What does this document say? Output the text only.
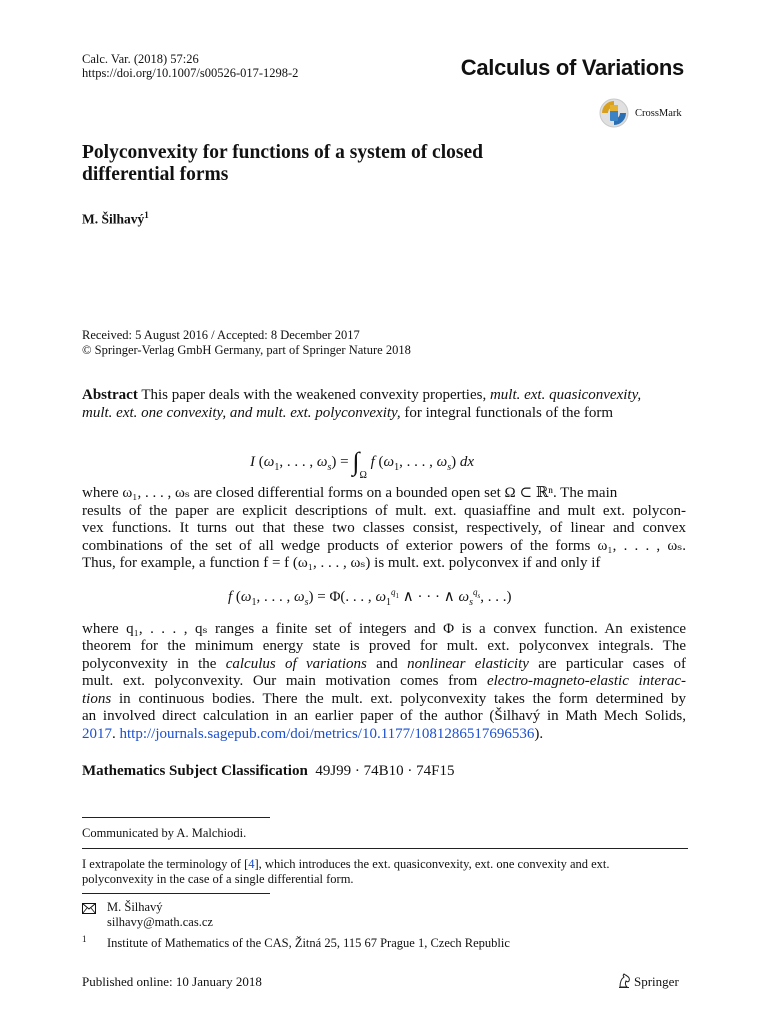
Calc. Var. (2018) 57:26
https://doi.org/10.1007/s00526-017-1298-2	Calculus of Variations
CrossMark
Polyconvexity for functions of a system of closed
differential forms
M. Šilhavý$^1$
Received: 5 August 2016 / Accepted: 8 December 2017
© Springer-Verlag GmbH Germany, part of Springer Nature 2018
Abstract This paper deals with the weakened convexity properties, mult. ext. quasiconvexity,
mult. ext. one convexity, and mult. ext. polyconvexity, for integral functionals of the form
I ($\omega_1$, . . . , $\omega_s) = \int_\Omega$ f ($\omega_1$, . . . , $\omega_s$) dx
where ω₁, . . . , ωₛ are closed differential forms on a bounded open set Ω ⊂ ℝⁿ. The main
results of the paper are explicit descriptions of mult. ext. quasiaffine and mult ext. polycon-
vex functions. It turns out that these two classes consist, respectively, of linear and convex
combinations of the set of all wedge products of exterior powers of the forms ω₁, . . . , ωₛ.
Thus, for example, a function f = f (ω₁, . . . , ωₛ) is mult. ext. polyconvex if and only if
f ($\omega_1$, . . . , $\omega_s) = \Phi$(. . . , $\omega_1^{q_1}$ ∧ · · · ∧ $\omega_s^{q_s}$, . . .)
where q₁, . . . , qₛ ranges a finite set of integers and Φ is a convex function. An existence
theorem for the minimum energy state is proved for mult. ext. polyconvex integrals. The
polyconvexity in the calculus of variations and nonlinear elasticity are particular cases of
mult. ext. polyconvexity. Our main motivation comes from electro-magneto-elastic interac-
tions in continuous bodies. There the mult. ext. polyconvexity takes the form determined by
an involved direct calculation in an earlier paper of the author (Šilhavý in Math Mech Solids,
2017. http://journals.sagepub.com/doi/metrics/10.1177/1081286517696536).
Mathematics Subject Classification 49J99 · 74B10 · 74F15
Communicated by A. Malchiodi.
I extrapolate the terminology of [4], which introduces the ext. quasiconvexity, ext. one convexity and ext.
polyconvexity in the case of a single differential form.
M. Šilhavý
silhavy@math.cas.cz
1 Institute of Mathematics of the CAS, Žitná 25, 115 67 Prague 1, Czech Republic
Published online: 10 January 2018	Springer
